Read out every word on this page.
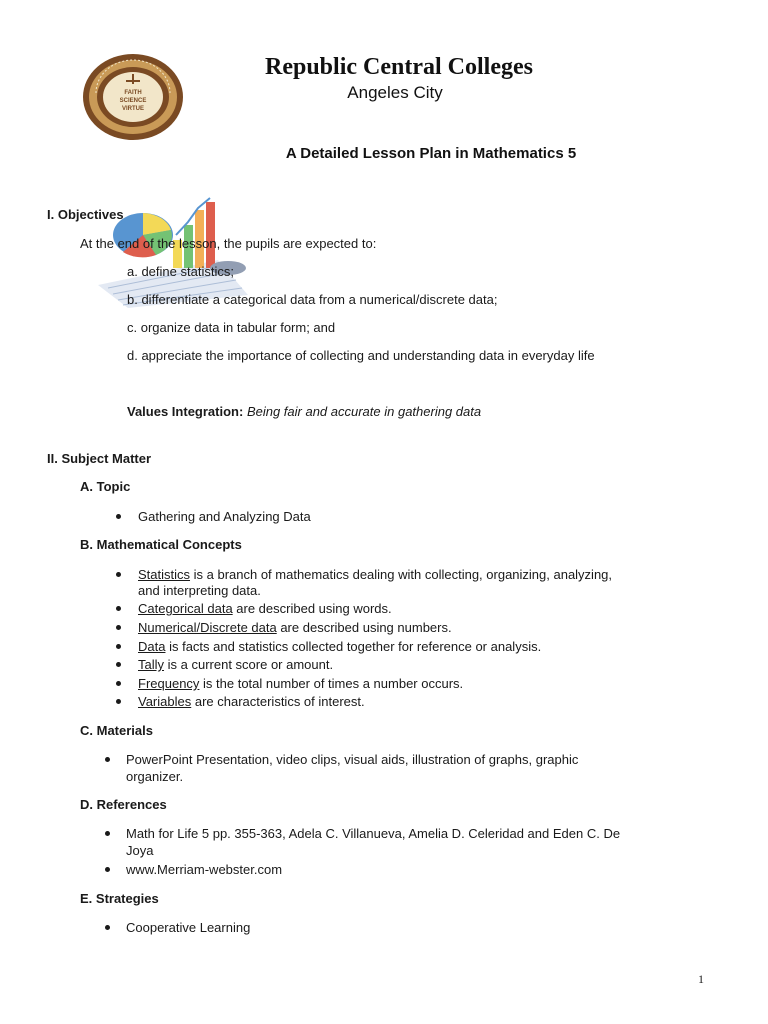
FAITH
SCIENCE
VIRTUE
Republic Central Colleges
Angeles City
A Detailed Lesson Plan in Mathematics 5
I. Objectives
At the end of the lesson, the pupils are expected to:
a. define statistics;
b. differentiate a categorical data from a numerical/discrete data;
c. organize data in tabular form; and
d. appreciate the importance of collecting and understanding data in everyday life
Values Integration: Being fair and accurate in gathering data
II. Subject Matter
A. Topic
Gathering and Analyzing Data
B. Mathematical Concepts
Statistics is a branch of mathematics dealing with collecting, organizing, analyzing,
and interpreting data.
Categorical data are described using words.
Numerical/Discrete data are described using numbers.
Data is facts and statistics collected together for reference or analysis.
Tally is a current score or amount.
Frequency is the total number of times a number occurs.
Variables are characteristics of interest.
C. Materials
PowerPoint Presentation, video clips, visual aids, illustration of graphs, graphic
organizer.
D. References
Math for Life 5 pp. 355-363, Adela C. Villanueva, Amelia D. Celeridad and Eden C. De
Joya
www.Merriam-webster.com
E. Strategies
Cooperative Learning
1
